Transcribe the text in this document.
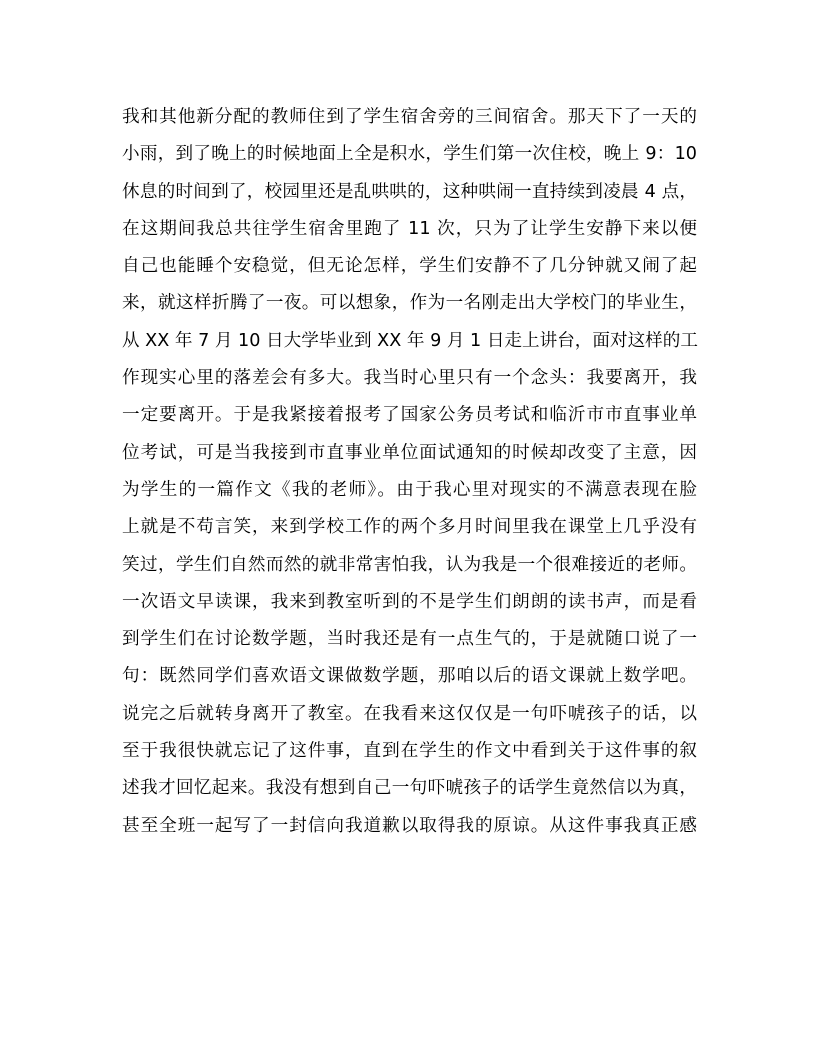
我和其他新分配的教师住到了学生宿舍旁的三间宿舍。那天下了一天的
小雨，到了晚上的时候地面上全是积水，学生们第一次住校，晚上 9：10
休息的时间到了，校园里还是乱哄哄的，这种哄闹一直持续到凌晨 4 点，
在这期间我总共往学生宿舍里跑了 11 次，只为了让学生安静下来以便
自己也能睡个安稳觉，但无论怎样，学生们安静不了几分钟就又闹了起
来，就这样折腾了一夜。可以想象，作为一名刚走出大学校门的毕业生，
从 XX 年 7 月 10 日大学毕业到 XX 年 9 月 1 日走上讲台，面对这样的工
作现实心里的落差会有多大。我当时心里只有一个念头：我要离开，我
一定要离开。于是我紧接着报考了国家公务员考试和临沂市市直事业单
位考试，可是当我接到市直事业单位面试通知的时候却改变了主意，因
为学生的一篇作文《我的老师》。由于我心里对现实的不满意表现在脸
上就是不苟言笑，来到学校工作的两个多月时间里我在课堂上几乎没有
笑过，学生们自然而然的就非常害怕我，认为我是一个很难接近的老师。
一次语文早读课，我来到教室听到的不是学生们朗朗的读书声，而是看
到学生们在讨论数学题，当时我还是有一点生气的，于是就随口说了一
句：既然同学们喜欢语文课做数学题，那咱以后的语文课就上数学吧。
说完之后就转身离开了教室。在我看来这仅仅是一句吓唬孩子的话，以
至于我很快就忘记了这件事，直到在学生的作文中看到关于这件事的叙
述我才回忆起来。我没有想到自己一句吓唬孩子的话学生竟然信以为真，
甚至全班一起写了一封信向我道歉以取得我的原谅。从这件事我真正感
